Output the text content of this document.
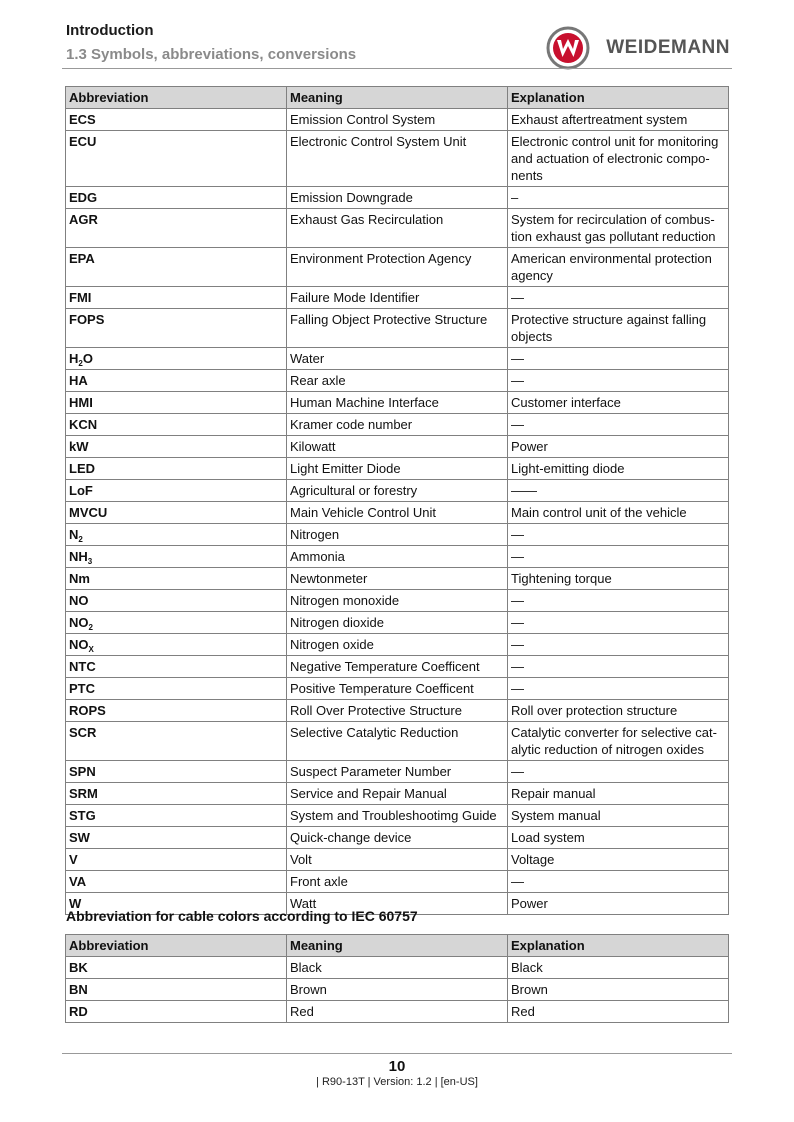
Introduction
1.3 Symbols, abbreviations, conversions	WEIDEMANN
Abbreviation	Meaning	Explanation
ECS	Emission Control System	Exhaust aftertreatment system
ECU	Electronic Control System Unit	Electronic control unit for monitoring and actuation of electronic compo-nents
EDG	Emission Downgrade	–
AGR	Exhaust Gas Recirculation	System for recirculation of combus-tion exhaust gas pollutant reduction
EPA	Environment Protection Agency	American environmental protection agency
FMI	Failure Mode Identifier	—
FOPS	Falling Object Protective Structure	Protective structure against falling objects
$H_2O$	Water	—
HA	Rear axle	—
HMI	Human Machine Interface	Customer interface
KCN	Kramer code number	—
kW	Kilowatt	Power
LED	Light Emitter Diode	Light-emitting diode
LoF	Agricultural or forestry	——
MVCU	Main Vehicle Control Unit	Main control unit of the vehicle
$N_2$	Nitrogen	—
$NH_3$	Ammonia	—
Nm	Newtonmeter	Tightening torque
NO	Nitrogen monoxide	—
$NO_2$	Nitrogen dioxide	—
$NO_X$	Nitrogen oxide	—
NTC	Negative Temperature Coefficent	—
PTC	Positive Temperature Coefficent	—
ROPS	Roll Over Protective Structure	Roll over protection structure
SCR	Selective Catalytic Reduction	Catalytic converter for selective cat-alytic reduction of nitrogen oxides
SPN	Suspect Parameter Number	—
SRM	Service and Repair Manual	Repair manual
STG	System and Troubleshootimg Guide	System manual
SW	Quick-change device	Load system
V	Volt	Voltage
VA	Front axle	—
W	Watt	Power
Abbreviation for cable colors according to IEC 60757
Abbreviation	Meaning	Explanation
BK	Black	Black
BN	Brown	Brown
RD	Red	Red
10
| R90-13T | Version: 1.2 | [en-US]
